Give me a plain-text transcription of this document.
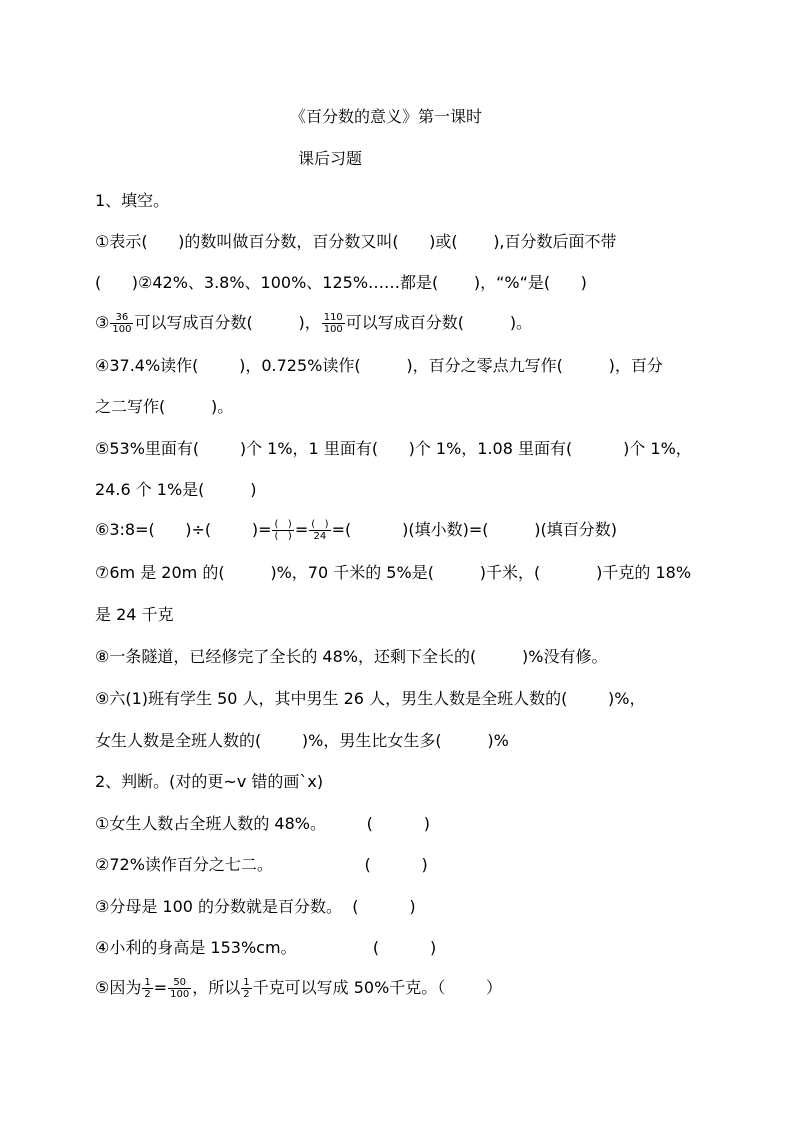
《百分数的意义》第一课时
课后习题
1、填空。
①表示(      )的数叫做百分数，百分数又叫(      )或(       ),百分数后面不带
(      )②42%、3.8%、100%、125%……都是(       )，“%“是(      )
③ $\frac{36}{100}$ 可以写成百分数(         )， $\frac{110}{100}$ 可以写成百分数(         )。
④37.4%读作(        )，0.725%读作(         )，百分之零点九写作(         )，百分
之二写作(         )。
⑤53%里面有(        )个 1%，1 里面有(      )个 1%，1.08 里面有(          )个 1%，
24.6 个 1%是(         )
⑥3:8=(      )÷(        )= (   )
(   ) = (   )
24 =(          )(填小数)=(         )(填百分数)
⑦6m 是 20m 的(         )%，70 千米的 5%是(         )千米，(           )千克的 18%
是 24 千克
⑧一条隧道，已经修完了全长的 48%，还剩下全长的(         )%没有修。
⑨六(1)班有学生 50 人，其中男生 26 人，男生人数是全班人数的(        )%，
女生人数是全班人数的(        )%，男生比女生多(         )%
2、判断。(对的更~v 错的画`x)
①女生人数占全班人数的 48%。        (          )
②72%读作百分之七二。                  (          )
③分母是 100 的分数就是百分数。  (          )
④小利的身高是 153%cm。               (          )
⑤因为 $\frac{1}{2} = \frac{50}{100}$ ，所以 $\frac{1}{2}$ 千克可以写成 50%千克。（        ）
